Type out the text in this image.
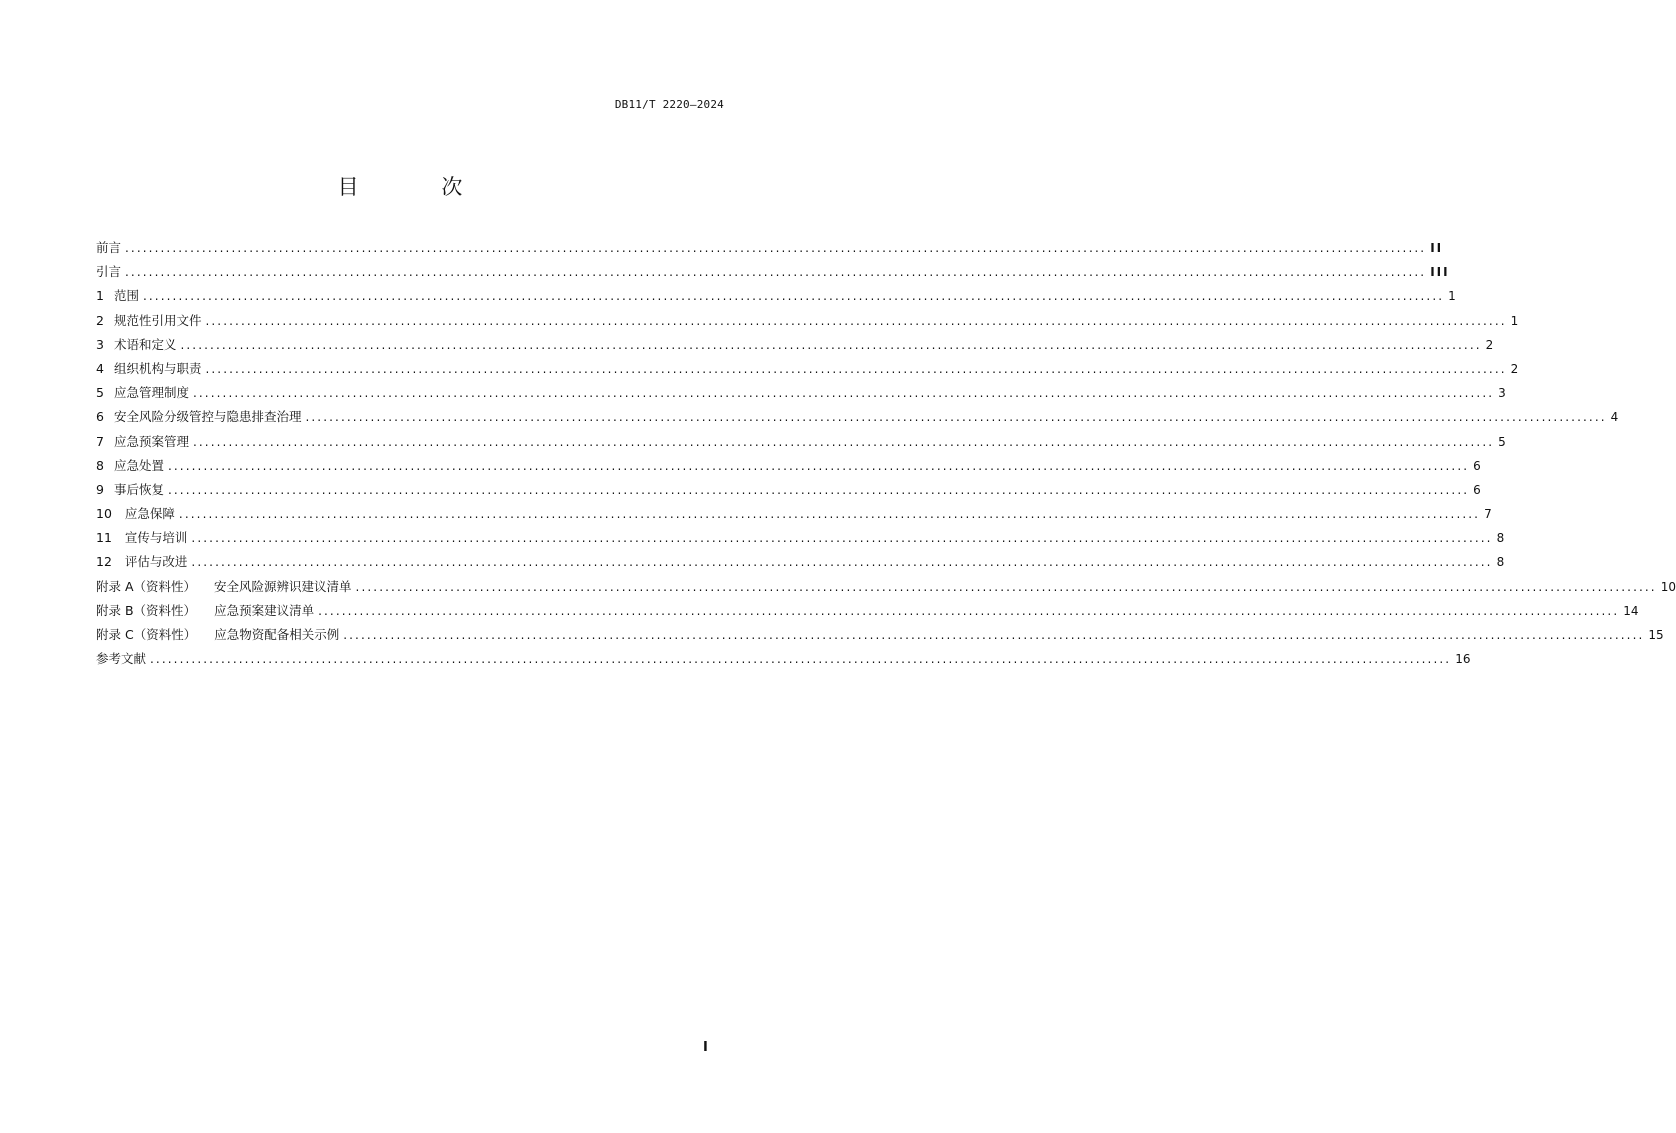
DB11/T 2220—2024
目 次
前言 ............................................................................................................................................................................................................................ II
引言 ............................................................................................................................................................................................................................ III
1 范围 ............................................................................................................................................................................................................................ 1
2 规范性引用文件 ............................................................................................................................................................................................................................ 1
3 术语和定义 ............................................................................................................................................................................................................................ 2
4 组织机构与职责 ............................................................................................................................................................................................................................ 2
5 应急管理制度 ............................................................................................................................................................................................................................ 3
6 安全风险分级管控与隐患排查治理 ............................................................................................................................................................................................................................ 4
7 应急预案管理 ............................................................................................................................................................................................................................ 5
8 应急处置 ............................................................................................................................................................................................................................ 6
9 事后恢复 ............................................................................................................................................................................................................................ 6
10	应急保障 ............................................................................................................................................................................................................................ 7
11	宣传与培训 ............................................................................................................................................................................................................................ 8
12	评估与改进 ............................................................................................................................................................................................................................ 8
附录 A（资料性） 安全风险源辨识建议清单 ............................................................................................................................................................................................................................ 10
附录 B（资料性） 应急预案建议清单 ............................................................................................................................................................................................................................ 14
附录 C（资料性） 应急物资配备相关示例 ............................................................................................................................................................................................................................ 15
参考文献 ............................................................................................................................................................................................................................ 16
I
